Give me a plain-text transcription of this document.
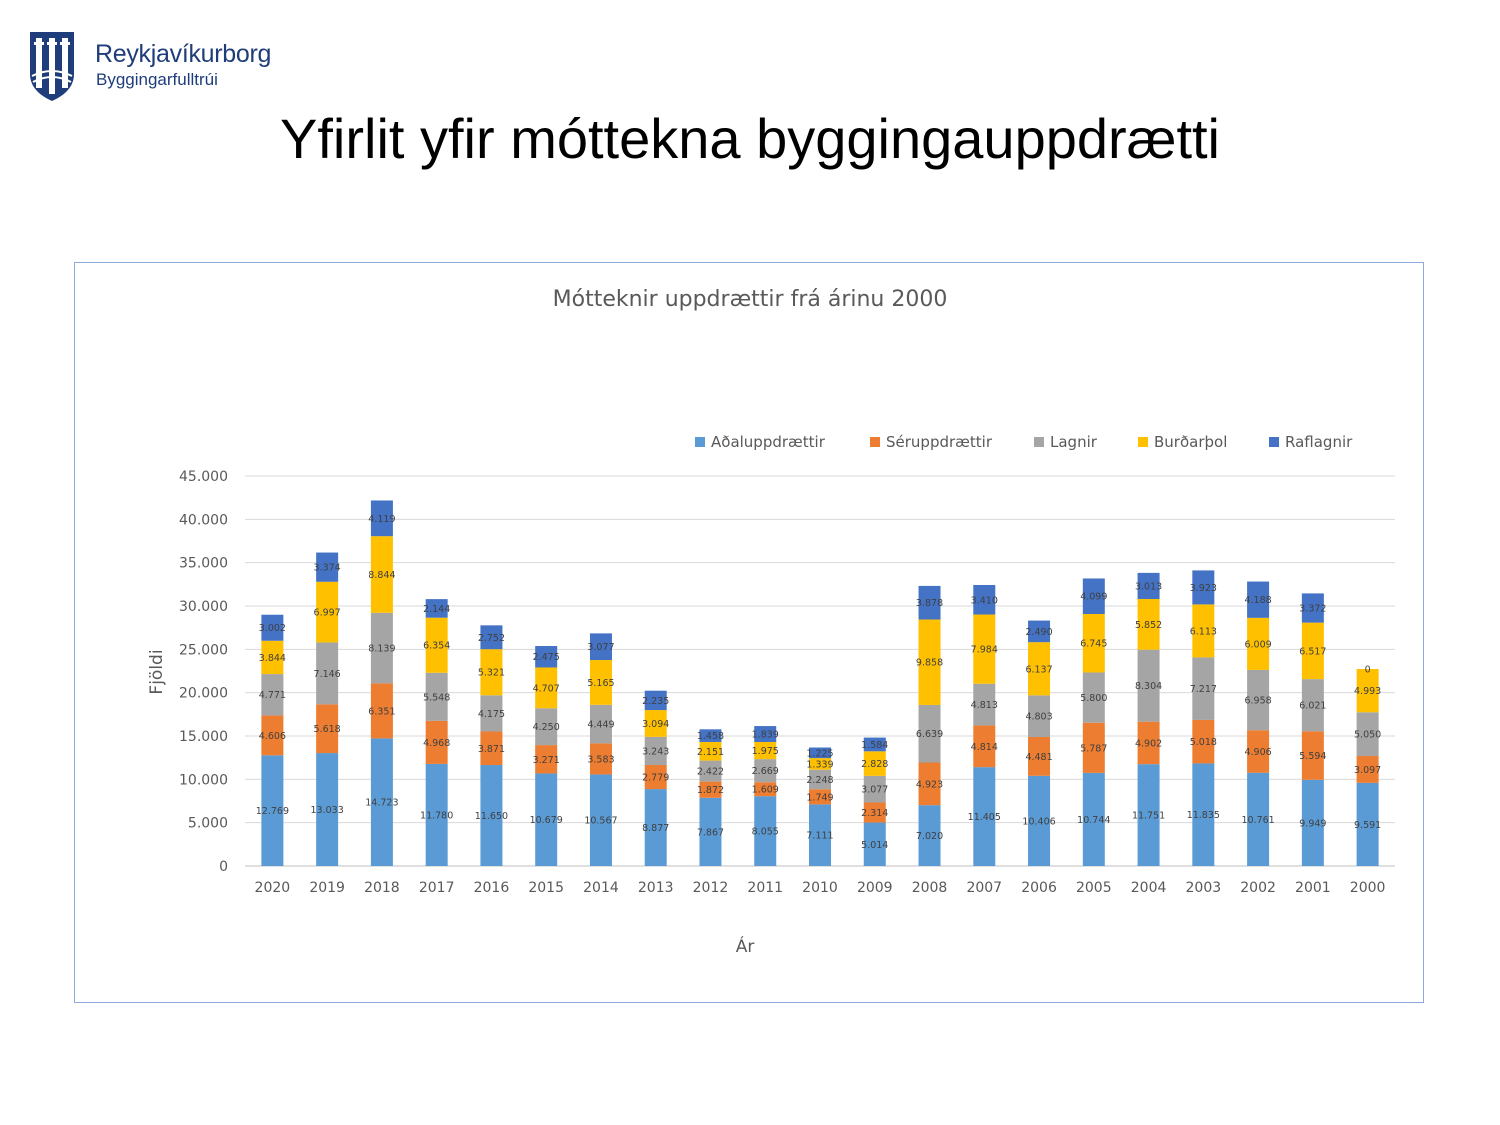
Reykjavíkurborg
Byggingarfulltrúi
Yfirlit yfir móttekna byggingauppdrætti
Mótteknir uppdrættir frá árinu 2000
0
5.000
10.000
15.000
20.000
25.000
30.000
35.000
40.000
45.000
12.769
4.606
4.771
3.844
3.002
13.033
5.618
7.146
6.997
3.374
14.723
6.351
8.139
8.844
4.119
11.780
4.968
5.548
6.354
2.144
11.650
3.871
4.175
5.321
2.752
10.679
3.271
4.250
4.707
2.475
10.567
3.583
4.449
5.165
3.077
8.877
2.779
3.243
3.094
2.235
7.867
1.872
2.422
2.151
1.458
8.055
1.609
2.669
1.975
1.839
7.111
1.749
2.248
1.339
1.225
5.014
2.314
3.077
2.828
1.584
7.020
4.923
6.639
9.858
3.878
11.405
4.814
4.813
7.984
3.410
10.406
4.481
4.803
6.137
2.490
10.744
5.787
5.800
6.745
4.099
11.751
4.902
8.304
5.852
3.013
11.835
5.018
7.217
6.113
3.923
10.761
4.906
6.958
6.009
4.188
9.949
5.594
6.021
6.517
3.372
9.591
3.097
5.050
4.993
0
2020 2019 2018 2017 2016 2015 2014 2013 2012 2011 2010 2009 2008 2007 2006 2005 2004 2003 2002 2001 2000
Aðaluppdrættir	Séruppdrættir	Lagnir	Burðarþol	Raflagnir
Ár
Fjöldi
